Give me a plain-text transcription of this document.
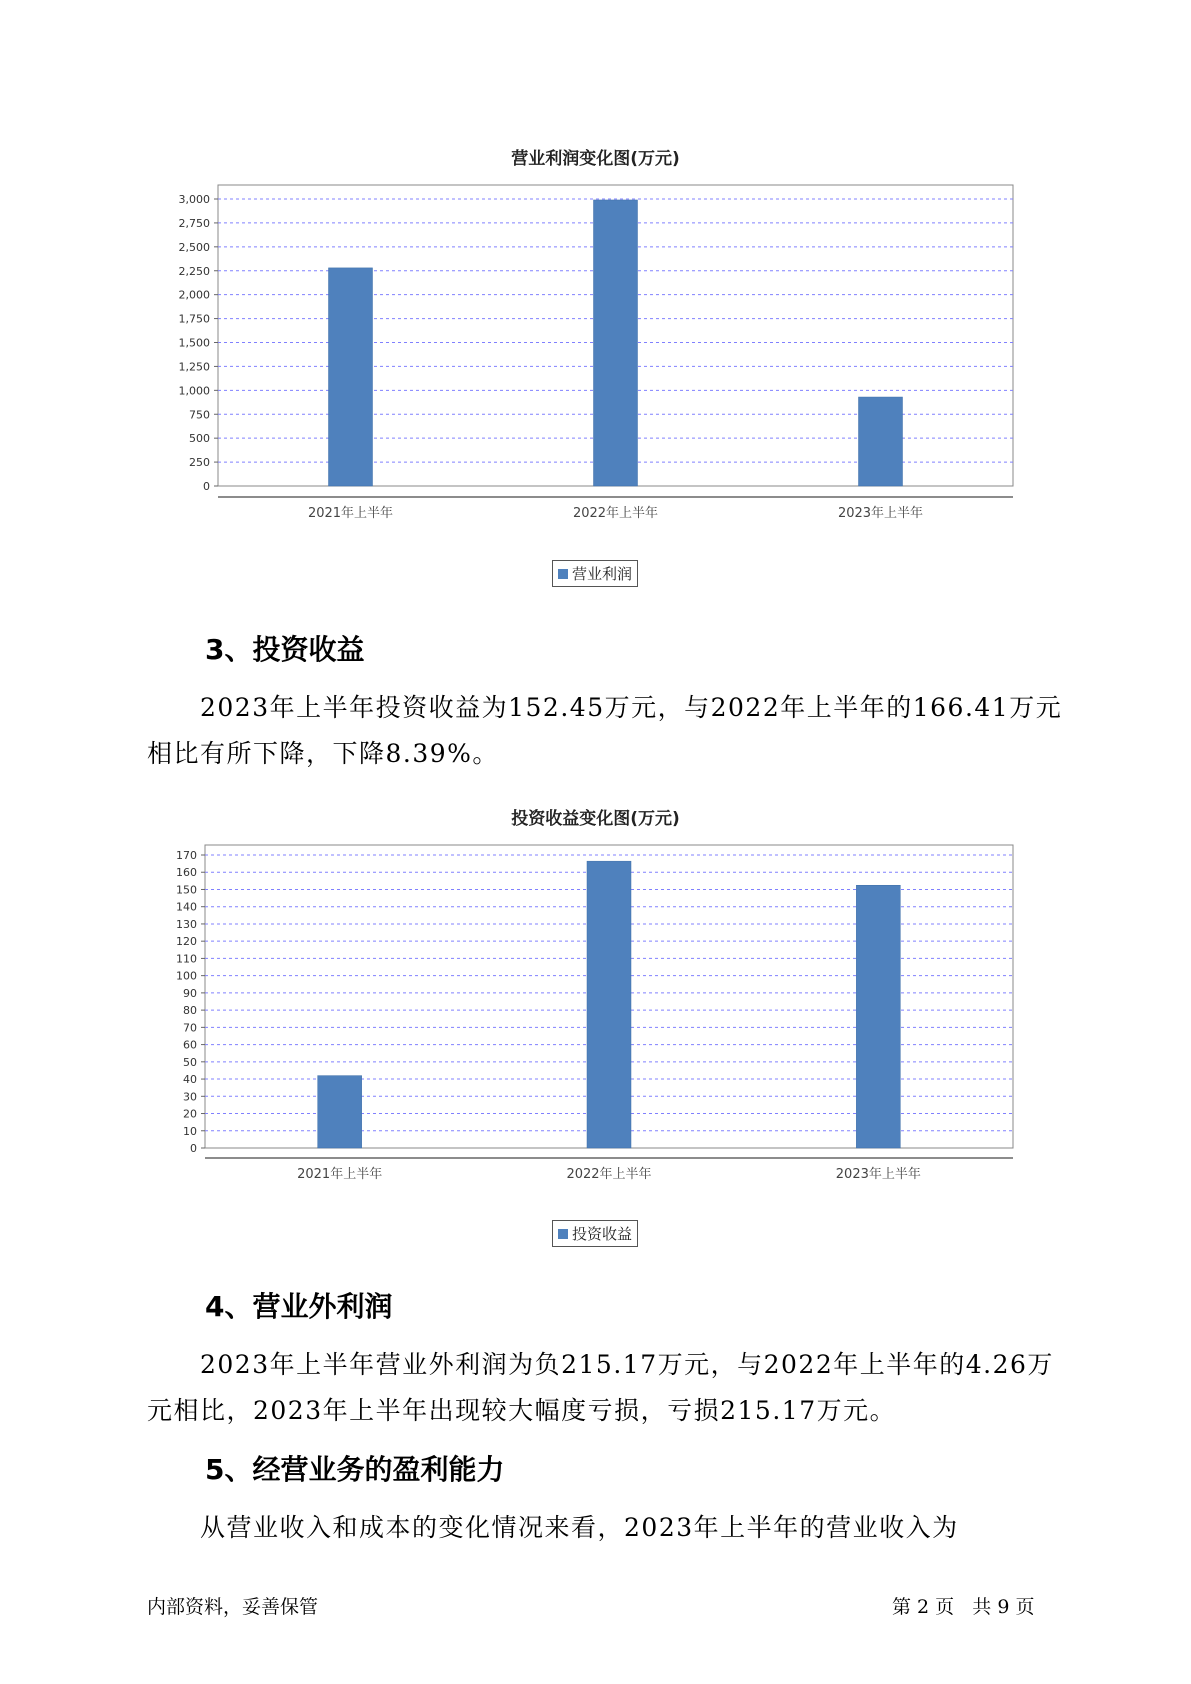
营业利润变化图(万元)
0
250
500
750
1,000
1,250
1,500
1,750
2,000
2,250
2,500
2,750
3,000
2021年上半年	2022年上半年	2023年上半年
营业利润
3、投资收益
2023年上半年投资收益为152.45万元，与2022年上半年的166.41万元
相比有所下降，下降8.39%。
投资收益变化图(万元)
0
10
20
30
40
50
60
70
80
90
100
110
120
130
140
150
160
170
2021年上半年	2022年上半年	2023年上半年
投资收益
4、营业外利润
2023年上半年营业外利润为负215.17万元，与2022年上半年的4.26万
元相比，2023年上半年出现较大幅度亏损，亏损215.17万元。
5、经营业务的盈利能力
从营业收入和成本的变化情况来看，2023年上半年的营业收入为
内部资料，妥善保管	第 2 页   共 9 页
